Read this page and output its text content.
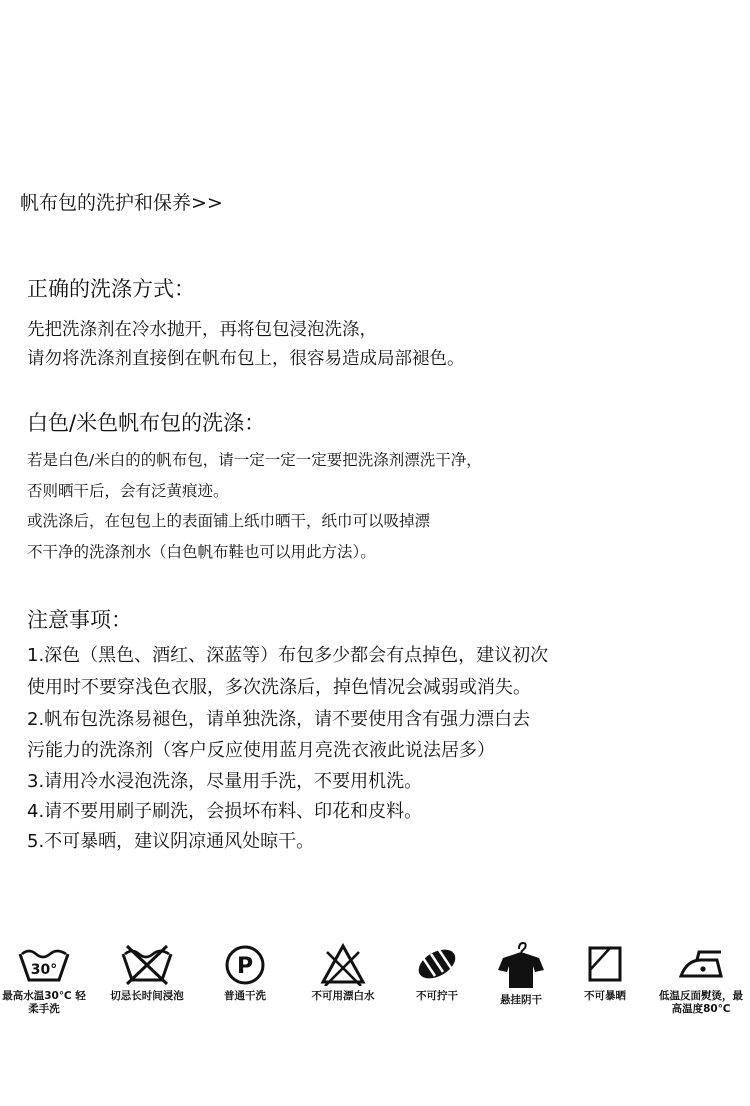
帆布包的洗护和保养>>
正确的洗涤方式：
先把洗涤剂在冷水抛开，再将包包浸泡洗涤，
请勿将洗涤剂直接倒在帆布包上，很容易造成局部褪色。
白色/米色帆布包的洗涤：
若是白色/米白的的帆布包，请一定一定一定要把洗涤剂漂洗干净，
否则晒干后，会有泛黄痕迹。
或洗涤后，在包包上的表面铺上纸巾晒干，纸巾可以吸掉漂
不干净的洗涤剂水（白色帆布鞋也可以用此方法）。
注意事项：
1.深色（黑色、酒红、深蓝等）布包多少都会有点掉色，建议初次
使用时不要穿浅色衣服，多次洗涤后，掉色情况会减弱或消失。
2.帆布包洗涤易褪色，请单独洗涤，请不要使用含有强力漂白去
污能力的洗涤剂（客户反应使用蓝月亮洗衣液此说法居多）
3.请用冷水浸泡洗涤，尽量用手洗，不要用机洗。
4.请不要用刷子刷洗，会损坏布料、印花和皮料。
5.不可暴晒，建议阴凉通风处晾干。
30°
最高水温30℃ 轻柔手洗
切忌长时间浸泡
P
普通干洗	不可用漂白水	不可拧干	悬挂阴干	不可暴晒	低温反面熨烫，最高温度80℃
